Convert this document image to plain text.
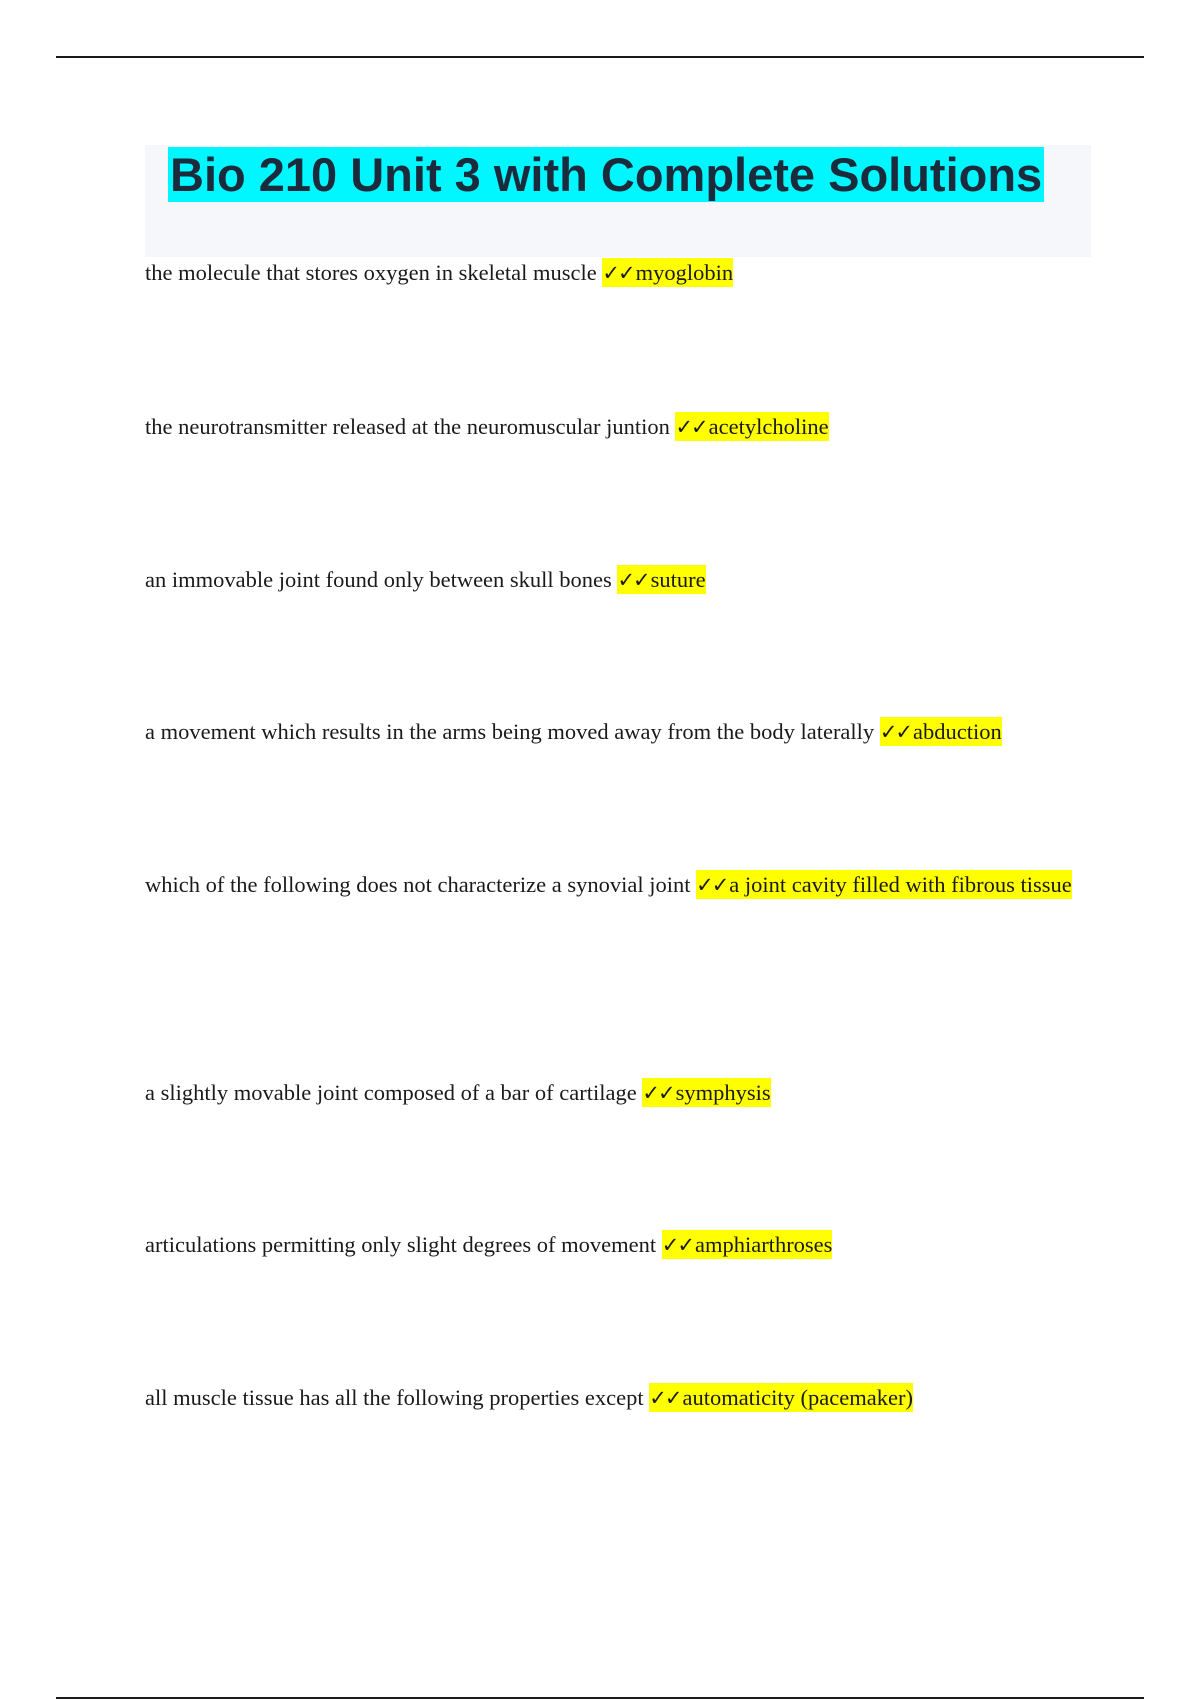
Bio 210 Unit 3 with Complete Solutions
the molecule that stores oxygen in skeletal muscle ✓✓myoglobin
the neurotransmitter released at the neuromuscular juntion ✓✓acetylcholine
an immovable joint found only between skull bones ✓✓suture
a movement which results in the arms being moved away from the body laterally ✓✓abduction
which of the following does not characterize a synovial joint ✓✓a joint cavity filled with fibrous tissue
a slightly movable joint composed of a bar of cartilage ✓✓symphysis
articulations permitting only slight degrees of movement ✓✓amphiarthroses
all muscle tissue has all the following properties except ✓✓automaticity (pacemaker)
